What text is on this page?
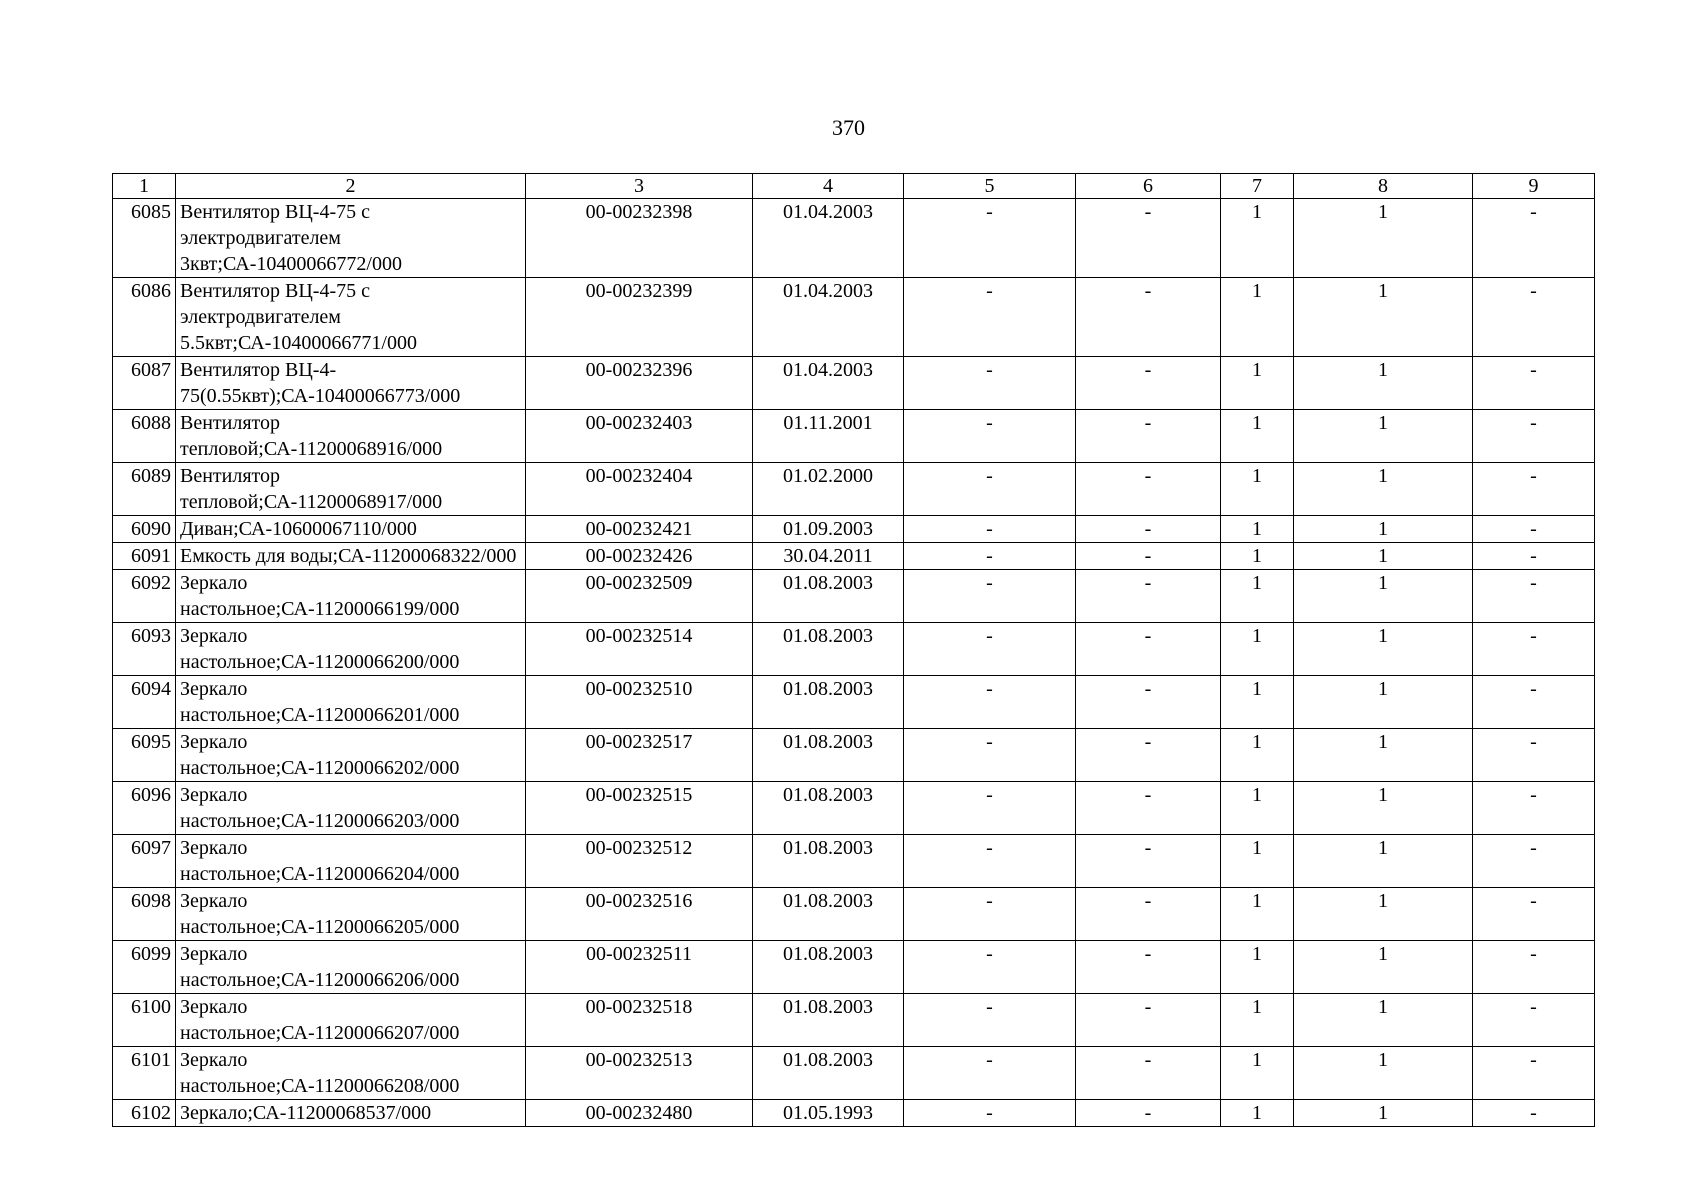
370
1	2	3	4	5	6	7	8	9
6085	Вентилятор ВЦ-4-75 с электродвигателем 3квт;СА-10400066772/000	00-00232398	01.04.2003	-	-	1	1	-
6086	Вентилятор ВЦ-4-75 с электродвигателем 5.5квт;СА-10400066771/000	00-00232399	01.04.2003	-	-	1	1	-
6087	Вентилятор ВЦ-4-75(0.55квт);СА-10400066773/000	00-00232396	01.04.2003	-	-	1	1	-
6088	Вентилятор тепловой;СА-11200068916/000	00-00232403	01.11.2001	-	-	1	1	-
6089	Вентилятор тепловой;СА-11200068917/000	00-00232404	01.02.2000	-	-	1	1	-
6090	Диван;СА-10600067110/000	00-00232421	01.09.2003	-	-	1	1	-
6091	Емкость для воды;СА-11200068322/000	00-00232426	30.04.2011	-	-	1	1	-
6092	Зеркало настольное;СА-11200066199/000	00-00232509	01.08.2003	-	-	1	1	-
6093	Зеркало настольное;СА-11200066200/000	00-00232514	01.08.2003	-	-	1	1	-
6094	Зеркало настольное;СА-11200066201/000	00-00232510	01.08.2003	-	-	1	1	-
6095	Зеркало настольное;СА-11200066202/000	00-00232517	01.08.2003	-	-	1	1	-
6096	Зеркало настольное;СА-11200066203/000	00-00232515	01.08.2003	-	-	1	1	-
6097	Зеркало настольное;СА-11200066204/000	00-00232512	01.08.2003	-	-	1	1	-
6098	Зеркало настольное;СА-11200066205/000	00-00232516	01.08.2003	-	-	1	1	-
6099	Зеркало настольное;СА-11200066206/000	00-00232511	01.08.2003	-	-	1	1	-
6100	Зеркало настольное;СА-11200066207/000	00-00232518	01.08.2003	-	-	1	1	-
6101	Зеркало настольное;СА-11200066208/000	00-00232513	01.08.2003	-	-	1	1	-
6102	Зеркало;СА-11200068537/000	00-00232480	01.05.1993	-	-	1	1	-
